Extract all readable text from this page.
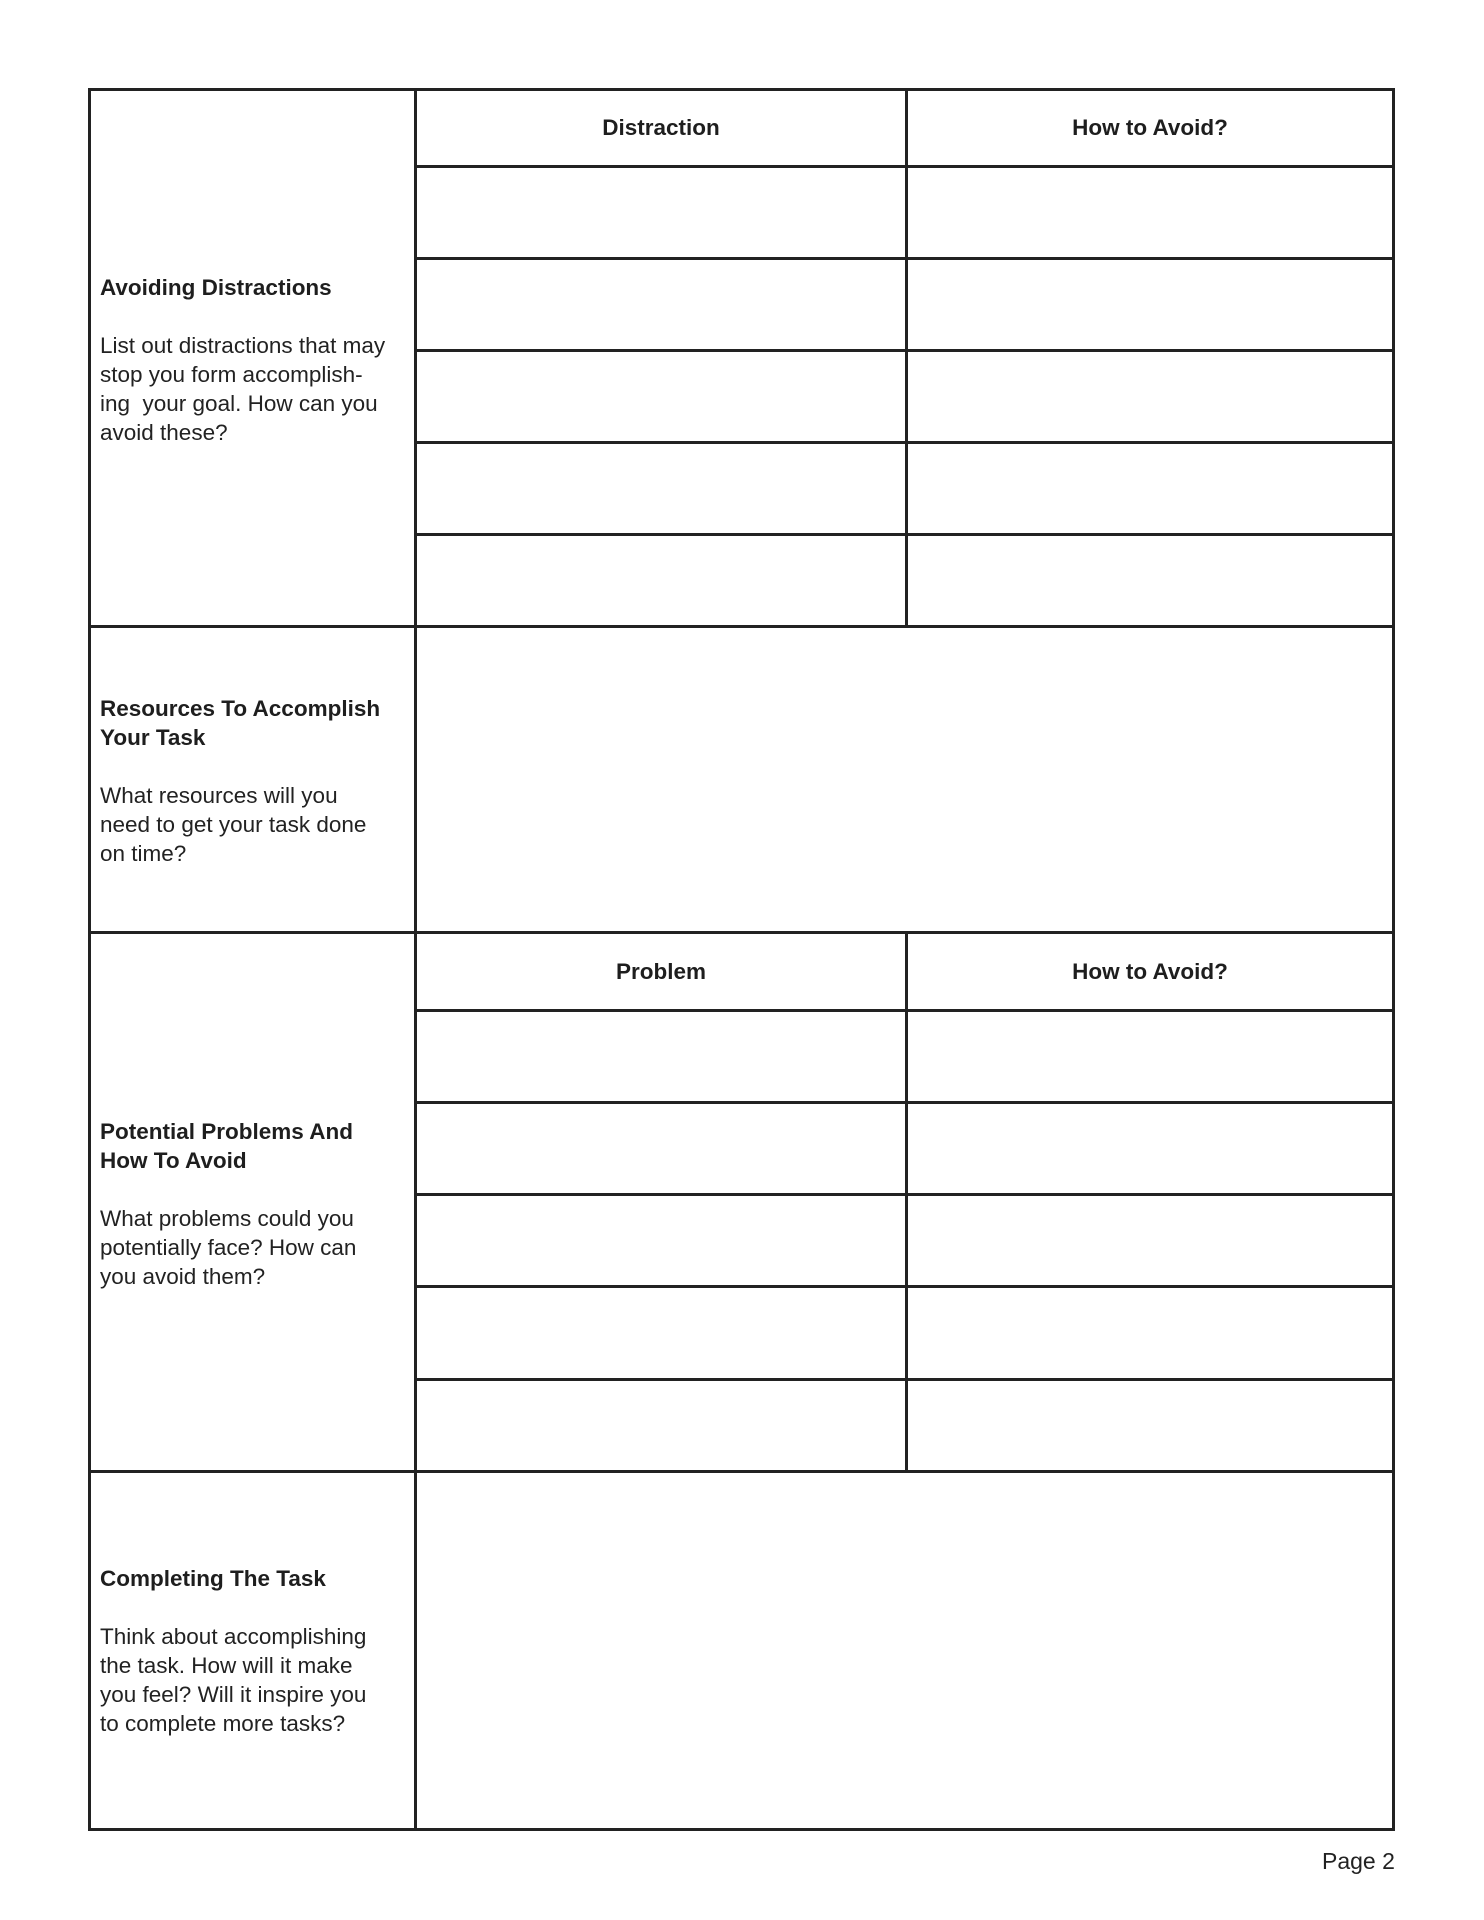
Avoiding Distractions

List out distractions that may
stop you form accomplish-
ing  your goal. How can you
avoid these?

Distraction	How to Avoid?

Resources To Accomplish
Your Task

What resources will you
need to get your task done
on time?

Potential Problems And
How To Avoid

What problems could you
potentially face? How can
you avoid them?

Problem	How to Avoid?

Completing The Task

Think about accomplishing
the task. How will it make
you feel? Will it inspire you
to complete more tasks?

Page 2
